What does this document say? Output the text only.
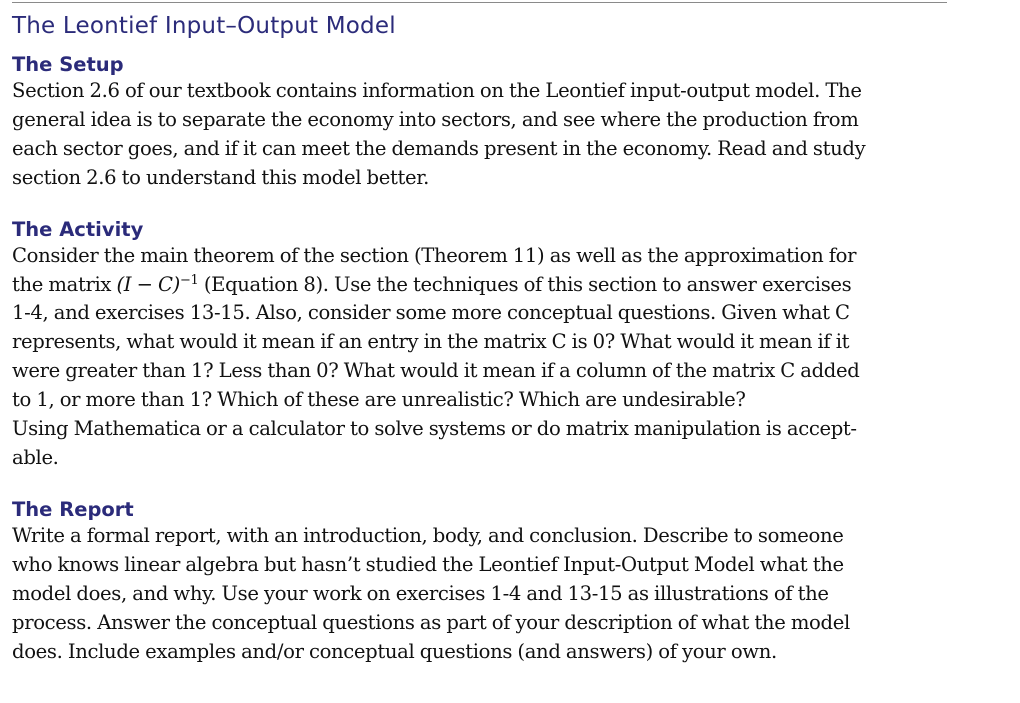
The Leontief Input–Output Model
The Setup

Section 2.6 of our textbook contains information on the Leontief input-output model. The
general idea is to separate the economy into sectors, and see where the production from
each sector goes, and if it can meet the demands present in the economy. Read and study
section 2.6 to understand this model better.

The Activity

Consider the main theorem of the section (Theorem 11) as well as the approximation for
the matrix $(I - C)^{-1}$ (Equation 8). Use the techniques of this section to answer exercises
1-4, and exercises 13-15. Also, consider some more conceptual questions. Given what C
represents, what would it mean if an entry in the matrix C is 0? What would it mean if it
were greater than 1? Less than 0? What would it mean if a column of the matrix C added
to 1, or more than 1? Which of these are unrealistic? Which are undesirable?
Using Mathematica or a calculator to solve systems or do matrix manipulation is accept-
able.

The Report

Write a formal report, with an introduction, body, and conclusion. Describe to someone
who knows linear algebra but hasn’t studied the Leontief Input-Output Model what the
model does, and why. Use your work on exercises 1-4 and 13-15 as illustrations of the
process. Answer the conceptual questions as part of your description of what the model
does. Include examples and/or conceptual questions (and answers) of your own.
